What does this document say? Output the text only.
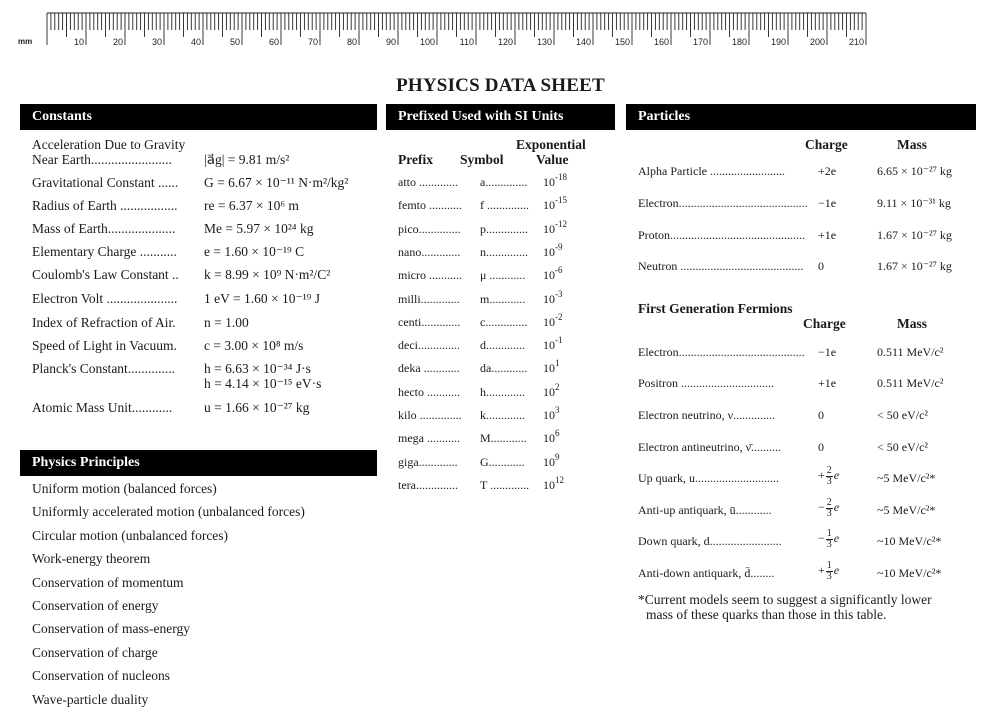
mm	10	20	30	40	50	60	70	80	90	100	110	120	130	140	150	160	170	180	190	200	210
PHYSICS DATA SHEET
Constants
Acceleration Due to Gravity
Near Earth........................ |a⃗g| = 9.81 m/s²
Gravitational Constant ...... G = 6.67 × 10⁻¹¹ N·m²/kg²
Radius of Earth ................. re = 6.37 × 10⁶ m
Mass of Earth.................... Me = 5.97 × 10²⁴ kg
Elementary Charge ........... e = 1.60 × 10⁻¹⁹ C
Coulomb's Law Constant .. k = 8.99 × 10⁹ N·m²/C²
Electron Volt ..................... 1 eV = 1.60 × 10⁻¹⁹ J
Index of Refraction of Air. n = 1.00
Speed of Light in Vacuum. c = 3.00 × 10⁸ m/s
Planck's Constant.............. h = 6.63 × 10⁻³⁴ J·s
h = 4.14 × 10⁻¹⁵ eV·s
Atomic Mass Unit............ u = 1.66 × 10⁻²⁷ kg
Physics Principles
Uniform motion (balanced forces)
Uniformly accelerated motion (unbalanced forces)
Circular motion (unbalanced forces)
Work-energy theorem
Conservation of momentum
Conservation of energy
Conservation of mass-energy
Conservation of charge
Conservation of nucleons
Wave-particle duality
Prefixed Used with SI Units
Exponential
Prefix Symbol Value
atto ............. a.............. $10^{-18}$
femto ........... f .............. $10^{-15}$
pico.............. p.............. $10^{-12}$
nano............. n.............. $10^{-9}$
micro ........... μ ............ $10^{-6}$
milli............. m............ $10^{-3}$
centi............. c.............. $10^{-2}$
deci.............. d............. $10^{-1}$
deka ............ da............ $10^1$
hecto ........... h............. $10^2$
kilo .............. k............. $10^3$
mega ........... M............ $10^6$
giga............. G............ $10^9$
tera.............. T ............. $10^{12}$
Particles
Charge	Mass
Alpha Particle .........................	+2e	6.65 × 10⁻²⁷ kg
Electron........................................... −1e	9.11 × 10⁻³¹ kg
Proton............................................. +1e	1.67 × 10⁻²⁷ kg
Neutron ......................................... 0	1.67 × 10⁻²⁷ kg
First Generation Fermions
Charge	Mass
Electron.......................................... −1e	0.511 MeV/c²
Positron ...............................	+1e	0.511 MeV/c²
Electron neutrino, ν..............	0	< 50 eV/c²
Electron antineutrino, ν̄..........	0	< 50 eV/c²
Up quark, u............................	+ $\frac{2}{3}$ e	~5 MeV/c²*
Anti-up antiquark, ū............	− $\frac{2}{3}$ e	~5 MeV/c²*
Down quark, d........................	− $\frac{1}{3}$ e	~10 MeV/c²*
Anti-down antiquark, d̄........	+ $\frac{1}{3}$ e	~10 MeV/c²*
*Current models seem to suggest a significantly lower
mass of these quarks than those in this table.
